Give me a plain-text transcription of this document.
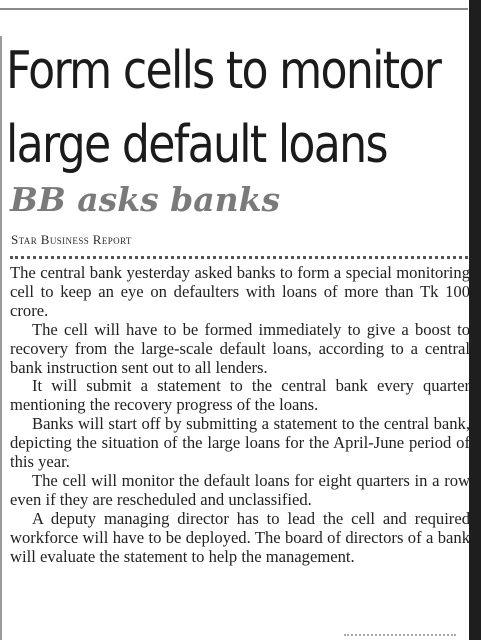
Form cells to monitor
large default loans
BB asks banks
Star Business Report

The central bank yesterday asked banks to form a special monitoring cell to keep an eye on defaulters with loans of more than Tk 100 crore.

The cell will have to be formed immediately to give a boost to recovery from the large-scale default loans, according to a central bank instruction sent out to all lenders.

It will submit a statement to the central bank every quarter mentioning the recovery progress of the loans.

Banks will start off by submitting a statement to the central bank, depicting the situation of the large loans for the April-June period of this year.

The cell will monitor the default loans for eight quarters in a row even if they are rescheduled and unclassified.

A deputy managing director has to lead the cell and required workforce will have to be deployed. The board of directors of a bank will evaluate the statement to help the management.
